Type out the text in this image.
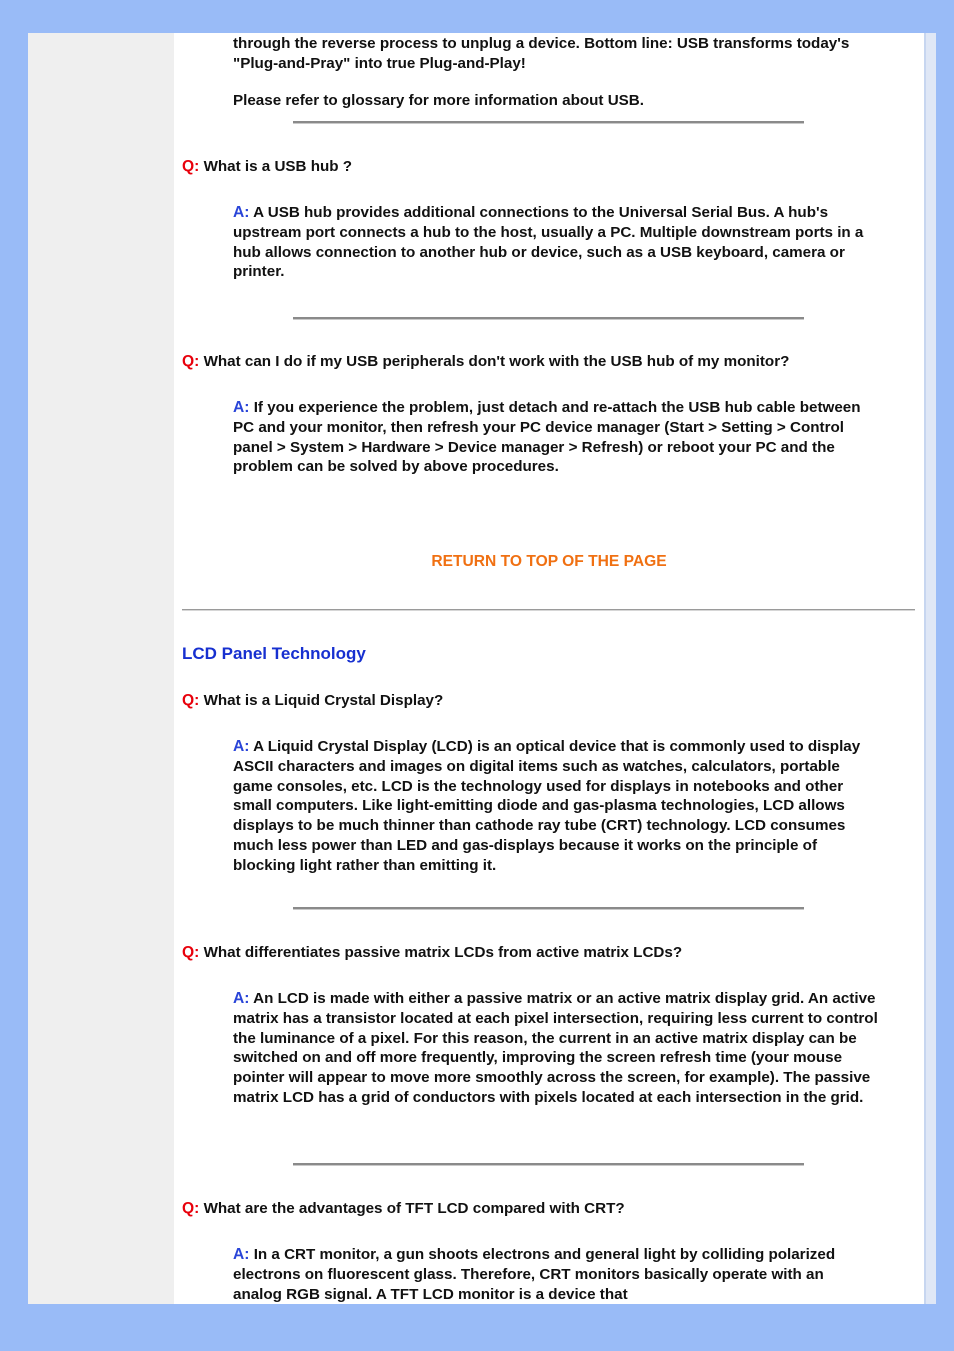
through the reverse process to unplug a device. Bottom line: USB transforms today's "Plug-and-Pray" into true Plug-and-Play!

Please refer to glossary for more information about USB.

Q: What is a USB hub ?

A: A USB hub provides additional connections to the Universal Serial Bus. A hub's upstream port connects a hub to the host, usually a PC. Multiple downstream ports in a hub allows connection to another hub or device, such as a USB keyboard, camera or printer.

Q: What can I do if my USB peripherals don't work with the USB hub of my monitor?

A: If you experience the problem, just detach and re-attach the USB hub cable between PC and your monitor, then refresh your PC device manager (Start > Setting > Control panel > System > Hardware > Device manager > Refresh) or reboot your PC and the problem can be solved by above procedures.

RETURN TO TOP OF THE PAGE

LCD Panel Technology

Q: What is a Liquid Crystal Display?

A: A Liquid Crystal Display (LCD) is an optical device that is commonly used to display ASCII characters and images on digital items such as watches, calculators, portable game consoles, etc. LCD is the technology used for displays in notebooks and other small computers. Like light-emitting diode and gas-plasma technologies, LCD allows displays to be much thinner than cathode ray tube (CRT) technology. LCD consumes much less power than LED and gas-displays because it works on the principle of blocking light rather than emitting it.

Q: What differentiates passive matrix LCDs from active matrix LCDs?

A: An LCD is made with either a passive matrix or an active matrix display grid. An active matrix has a transistor located at each pixel intersection, requiring less current to control the luminance of a pixel. For this reason, the current in an active matrix display can be switched on and off more frequently, improving the screen refresh time (your mouse pointer will appear to move more smoothly across the screen, for example). The passive matrix LCD has a grid of conductors with pixels located at each intersection in the grid.

Q: What are the advantages of TFT LCD compared with CRT?

A: In a CRT monitor, a gun shoots electrons and general light by colliding polarized electrons on fluorescent glass. Therefore, CRT monitors basically operate with an analog RGB signal. A TFT LCD monitor is a device that
